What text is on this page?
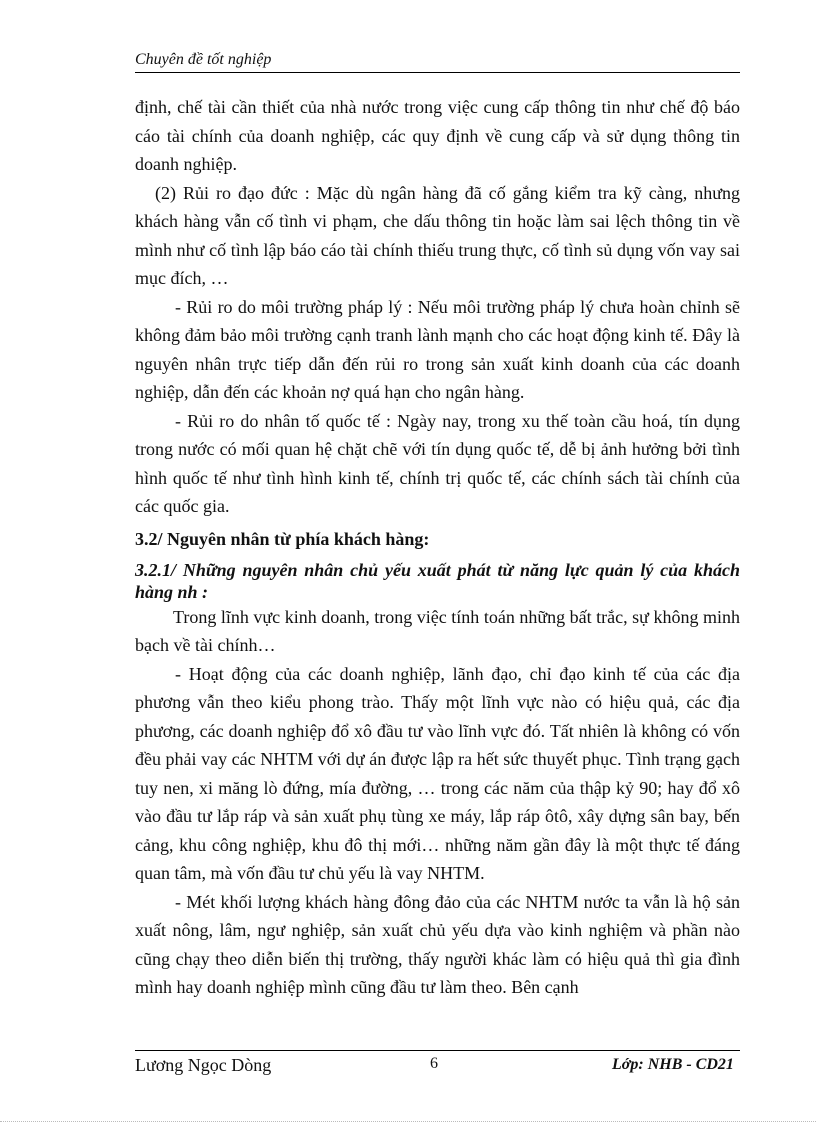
Chuyên đề tốt nghiệp

định, chế tài cần thiết của nhà nước trong việc cung cấp thông tin như chế độ báo cáo tài chính của doanh nghiệp, các quy định về cung cấp và sử dụng thông tin doanh nghiệp.

(2) Rủi ro đạo đức : Mặc dù ngân hàng đã cố gắng kiểm tra kỹ càng, nhưng khách hàng vẫn cố tình vi phạm, che dấu thông tin hoặc làm sai lệch thông tin về mình như cố tình lập báo cáo tài chính thiếu trung thực, cố tình sủ dụng vốn vay sai mục đích, …

- Rủi ro do môi trường pháp lý : Nếu môi trường pháp lý chưa hoàn chỉnh sẽ không đảm bảo môi trường cạnh tranh lành mạnh cho các hoạt động kinh tế. Đây là nguyên nhân trực tiếp dẫn đến rủi ro trong sản xuất kinh doanh của các doanh nghiệp, dẫn đến các khoản nợ quá hạn cho ngân hàng.

- Rủi ro do nhân tố quốc tế : Ngày nay, trong xu thế toàn cầu hoá, tín dụng trong nước có mối quan hệ chặt chẽ với tín dụng quốc tế, dễ bị ảnh hưởng bởi tình hình quốc tế như tình hình kinh tế, chính trị quốc tế, các chính sách tài chính của các quốc gia.

3.2/ Nguyên nhân từ phía khách hàng:
3.2.1/ Những nguyên nhân chủ yếu xuất phát từ năng lực quản lý của khách hàng nh :

Trong lĩnh vực kinh doanh, trong việc tính toán những bất trắc, sự không minh bạch về tài chính…

- Hoạt động của các doanh nghiệp, lãnh đạo, chỉ đạo kinh tế của các địa phương vẫn theo kiểu phong trào. Thấy một lĩnh vực nào có hiệu quả, các địa phương, các doanh nghiệp đổ xô đầu tư vào lĩnh vực đó. Tất nhiên là không có vốn đều phải vay các NHTM với dự án được lập ra hết sức thuyết phục. Tình trạng gạch tuy nen, xi măng lò đứng, mía đường, … trong các năm của thập kỷ 90; hay đổ xô vào đầu tư lắp ráp và sản xuất phụ tùng xe máy, lắp ráp ôtô, xây dựng sân bay, bến cảng, khu công nghiệp, khu đô thị mới… những năm gần đây là một thực tế đáng quan tâm, mà vốn đầu tư chủ yếu là vay NHTM.

- Mét khối lượng khách hàng đông đảo của các NHTM nước ta vẫn là hộ sản xuất nông, lâm, ngư nghiệp, sản xuất chủ yếu dựa vào kinh nghiệm và phần nào cũng chạy theo diễn biến thị trường, thấy người khác làm có hiệu quả thì gia đình mình hay doanh nghiệp mình cũng đầu tư làm theo. Bên cạnh

Lương Ngọc Dòng	6	Lớp: NHB - CD21
